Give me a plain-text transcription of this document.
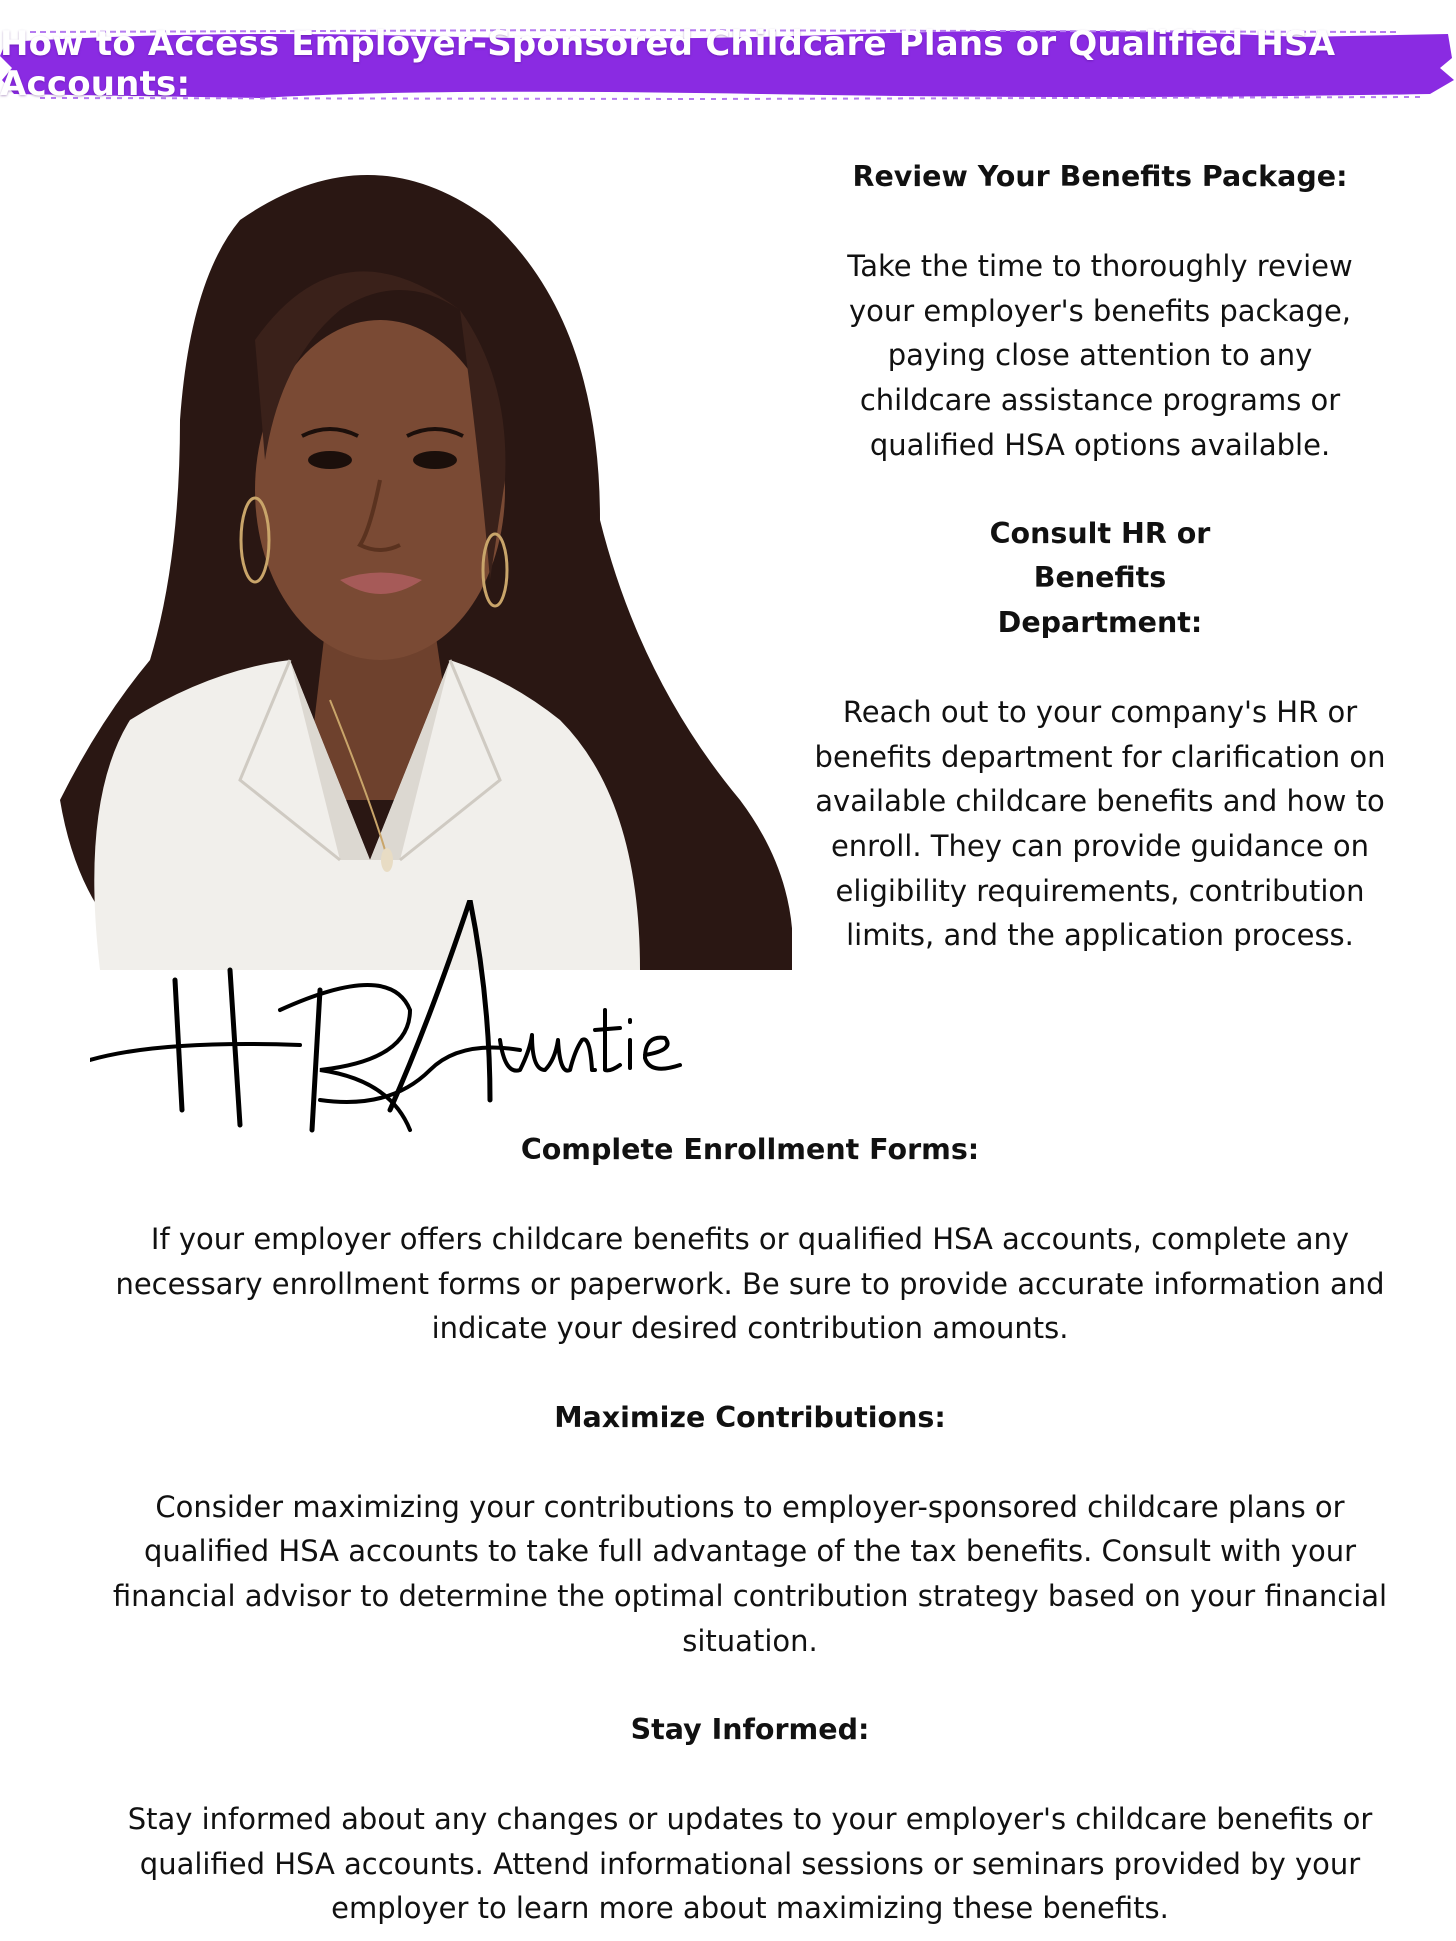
How to Access Employer-Sponsored Childcare Plans or Qualified HSA Accounts:
Review Your Benefits Package:

Take the time to thoroughly review your employer's benefits package, paying close attention to any childcare assistance programs or qualified HSA options available.

Consult HR or Benefits Department:

Reach out to your company's HR or benefits department for clarification on available childcare benefits and how to enroll. They can provide guidance on eligibility requirements, contribution limits, and the application process.

Complete Enrollment Forms:

If your employer offers childcare benefits or qualified HSA accounts, complete any necessary enrollment forms or paperwork. Be sure to provide accurate information and indicate your desired contribution amounts.

Maximize Contributions:

Consider maximizing your contributions to employer-sponsored childcare plans or qualified HSA accounts to take full advantage of the tax benefits. Consult with your financial advisor to determine the optimal contribution strategy based on your financial situation.

Stay Informed:

Stay informed about any changes or updates to your employer's childcare benefits or qualified HSA accounts. Attend informational sessions or seminars provided by your employer to learn more about maximizing these benefits.
